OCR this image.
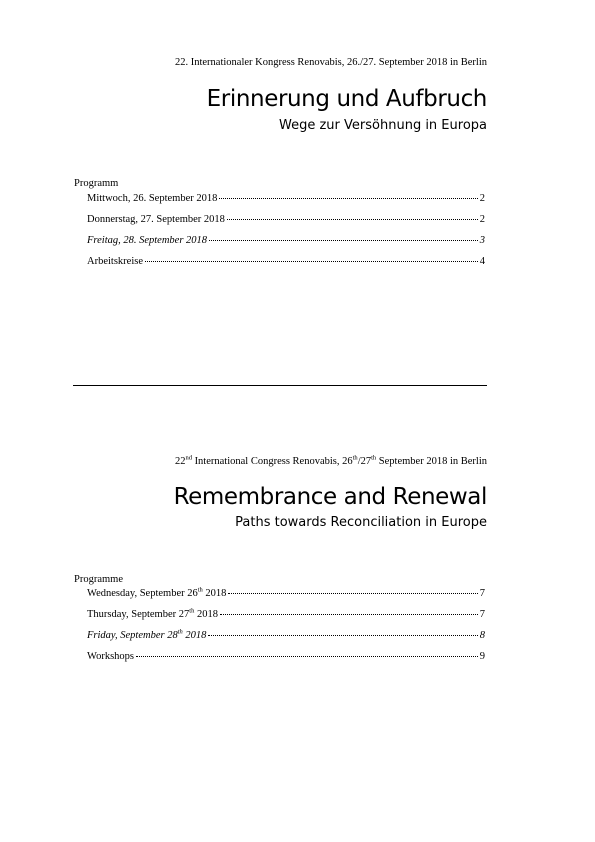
22. Internationaler Kongress Renovabis, 26./27. September 2018 in Berlin
Erinnerung und Aufbruch
Wege zur Versöhnung in Europa
Programm
Mittwoch, 26. September 2018	2
Donnerstag, 27. September 2018	2
Freitag, 28. September 2018	3
Arbeitskreise	4
22nd International Congress Renovabis, 26th/27th September 2018 in Berlin
Remembrance and Renewal
Paths towards Reconciliation in Europe
Programme
Wednesday, September 26th 2018	7
Thursday, September 27th 2018	7
Friday, September 28th 2018	8
Workshops	9
